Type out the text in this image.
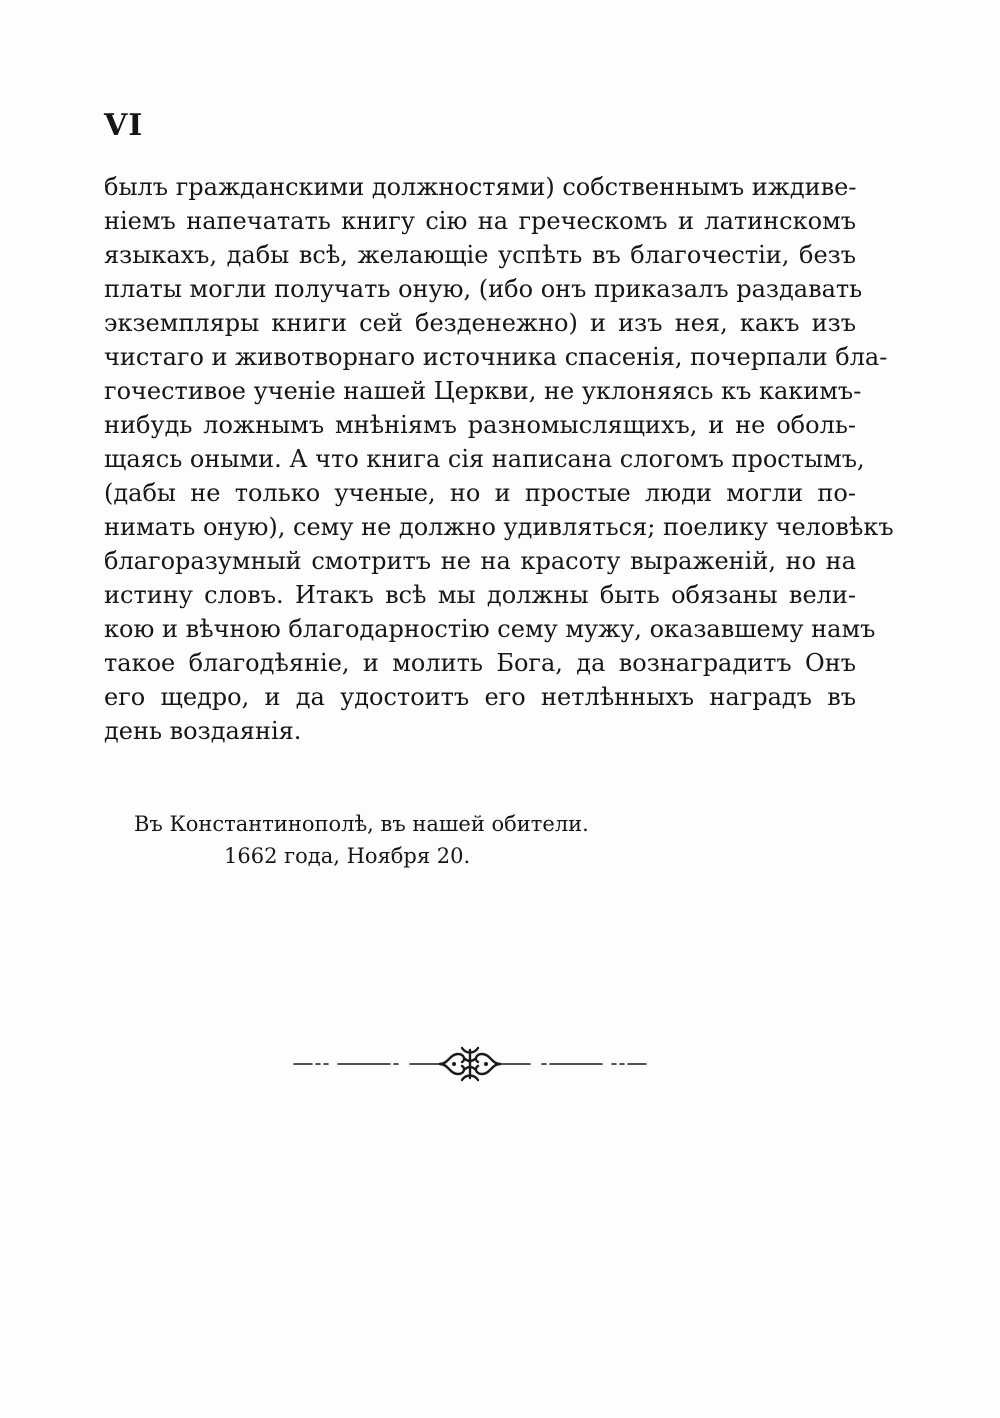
VI
былъ гражданскими должностями) собственнымъ иждиве-
ніемъ напечатать книгу сію на греческомъ и латинскомъ
языкахъ, дабы всѣ, желающіе успѣть въ благочестіи, безъ
платы могли получать оную, (ибо онъ приказалъ раздавать
экземпляры книги сей безденежно) и изъ нея, какъ изъ
чистаго и животворнаго источника спасенія, почерпали бла-
гочестивое ученіе нашей Церкви, не уклоняясь къ какимъ-
нибудь ложнымъ мнѣніямъ разномыслящихъ, и не оболь-
щаясь оными. А что книга сія написана слогомъ простымъ,
(дабы не только ученые, но и простые люди могли по-
нимать оную), сему не должно удивляться; поелику человѣкъ
благоразумный смотритъ не на красоту выраженій, но на
истину словъ. Итакъ всѣ мы должны быть обязаны вели-
кою и вѣчною благодарностію сему мужу, оказавшему намъ
такое благодѣяніе, и молить Бога, да вознаградитъ Онъ
его щедро, и да удостоитъ его нетлѣнныхъ наградъ въ
день воздаянія.
Въ Константинополѣ, въ нашей обители.
1662 года, Ноября 20.
